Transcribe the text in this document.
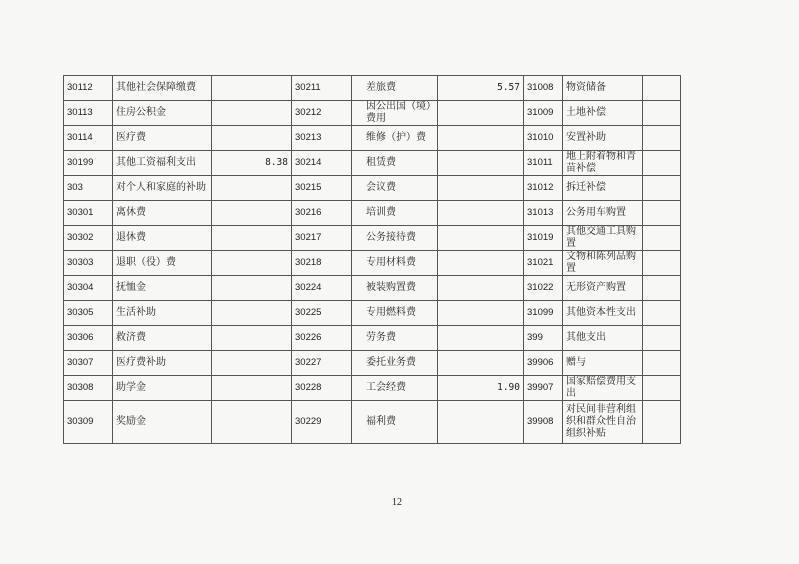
30112	其他社会保障缴费		30211	差旅费	5.57	31008	物资储备	
30113	住房公积金		30212	因公出国（境）费用		31009	土地补偿	
30114	医疗费		30213	维修（护）费		31010	安置补助	
30199	其他工资福利支出	8.38	30214	租赁费		31011	地上附着物和青苗补偿	
303	对个人和家庭的补助		30215	会议费		31012	拆迁补偿	
30301	离休费		30216	培训费		31013	公务用车购置	
30302	退休费		30217	公务接待费		31019	其他交通工具购置	
30303	退职（役）费		30218	专用材料费		31021	文物和陈列品购置	
30304	抚恤金		30224	被装购置费		31022	无形资产购置	
30305	生活补助		30225	专用燃料费		31099	其他资本性支出	
30306	救济费		30226	劳务费		399	其他支出	
30307	医疗费补助		30227	委托业务费		39906	赠与	
30308	助学金		30228	工会经费	1.90	39907	国家赔偿费用支出	
30309	奖励金		30229	福利费		39908	对民间非营利组织和群众性自治组织补贴	
12
